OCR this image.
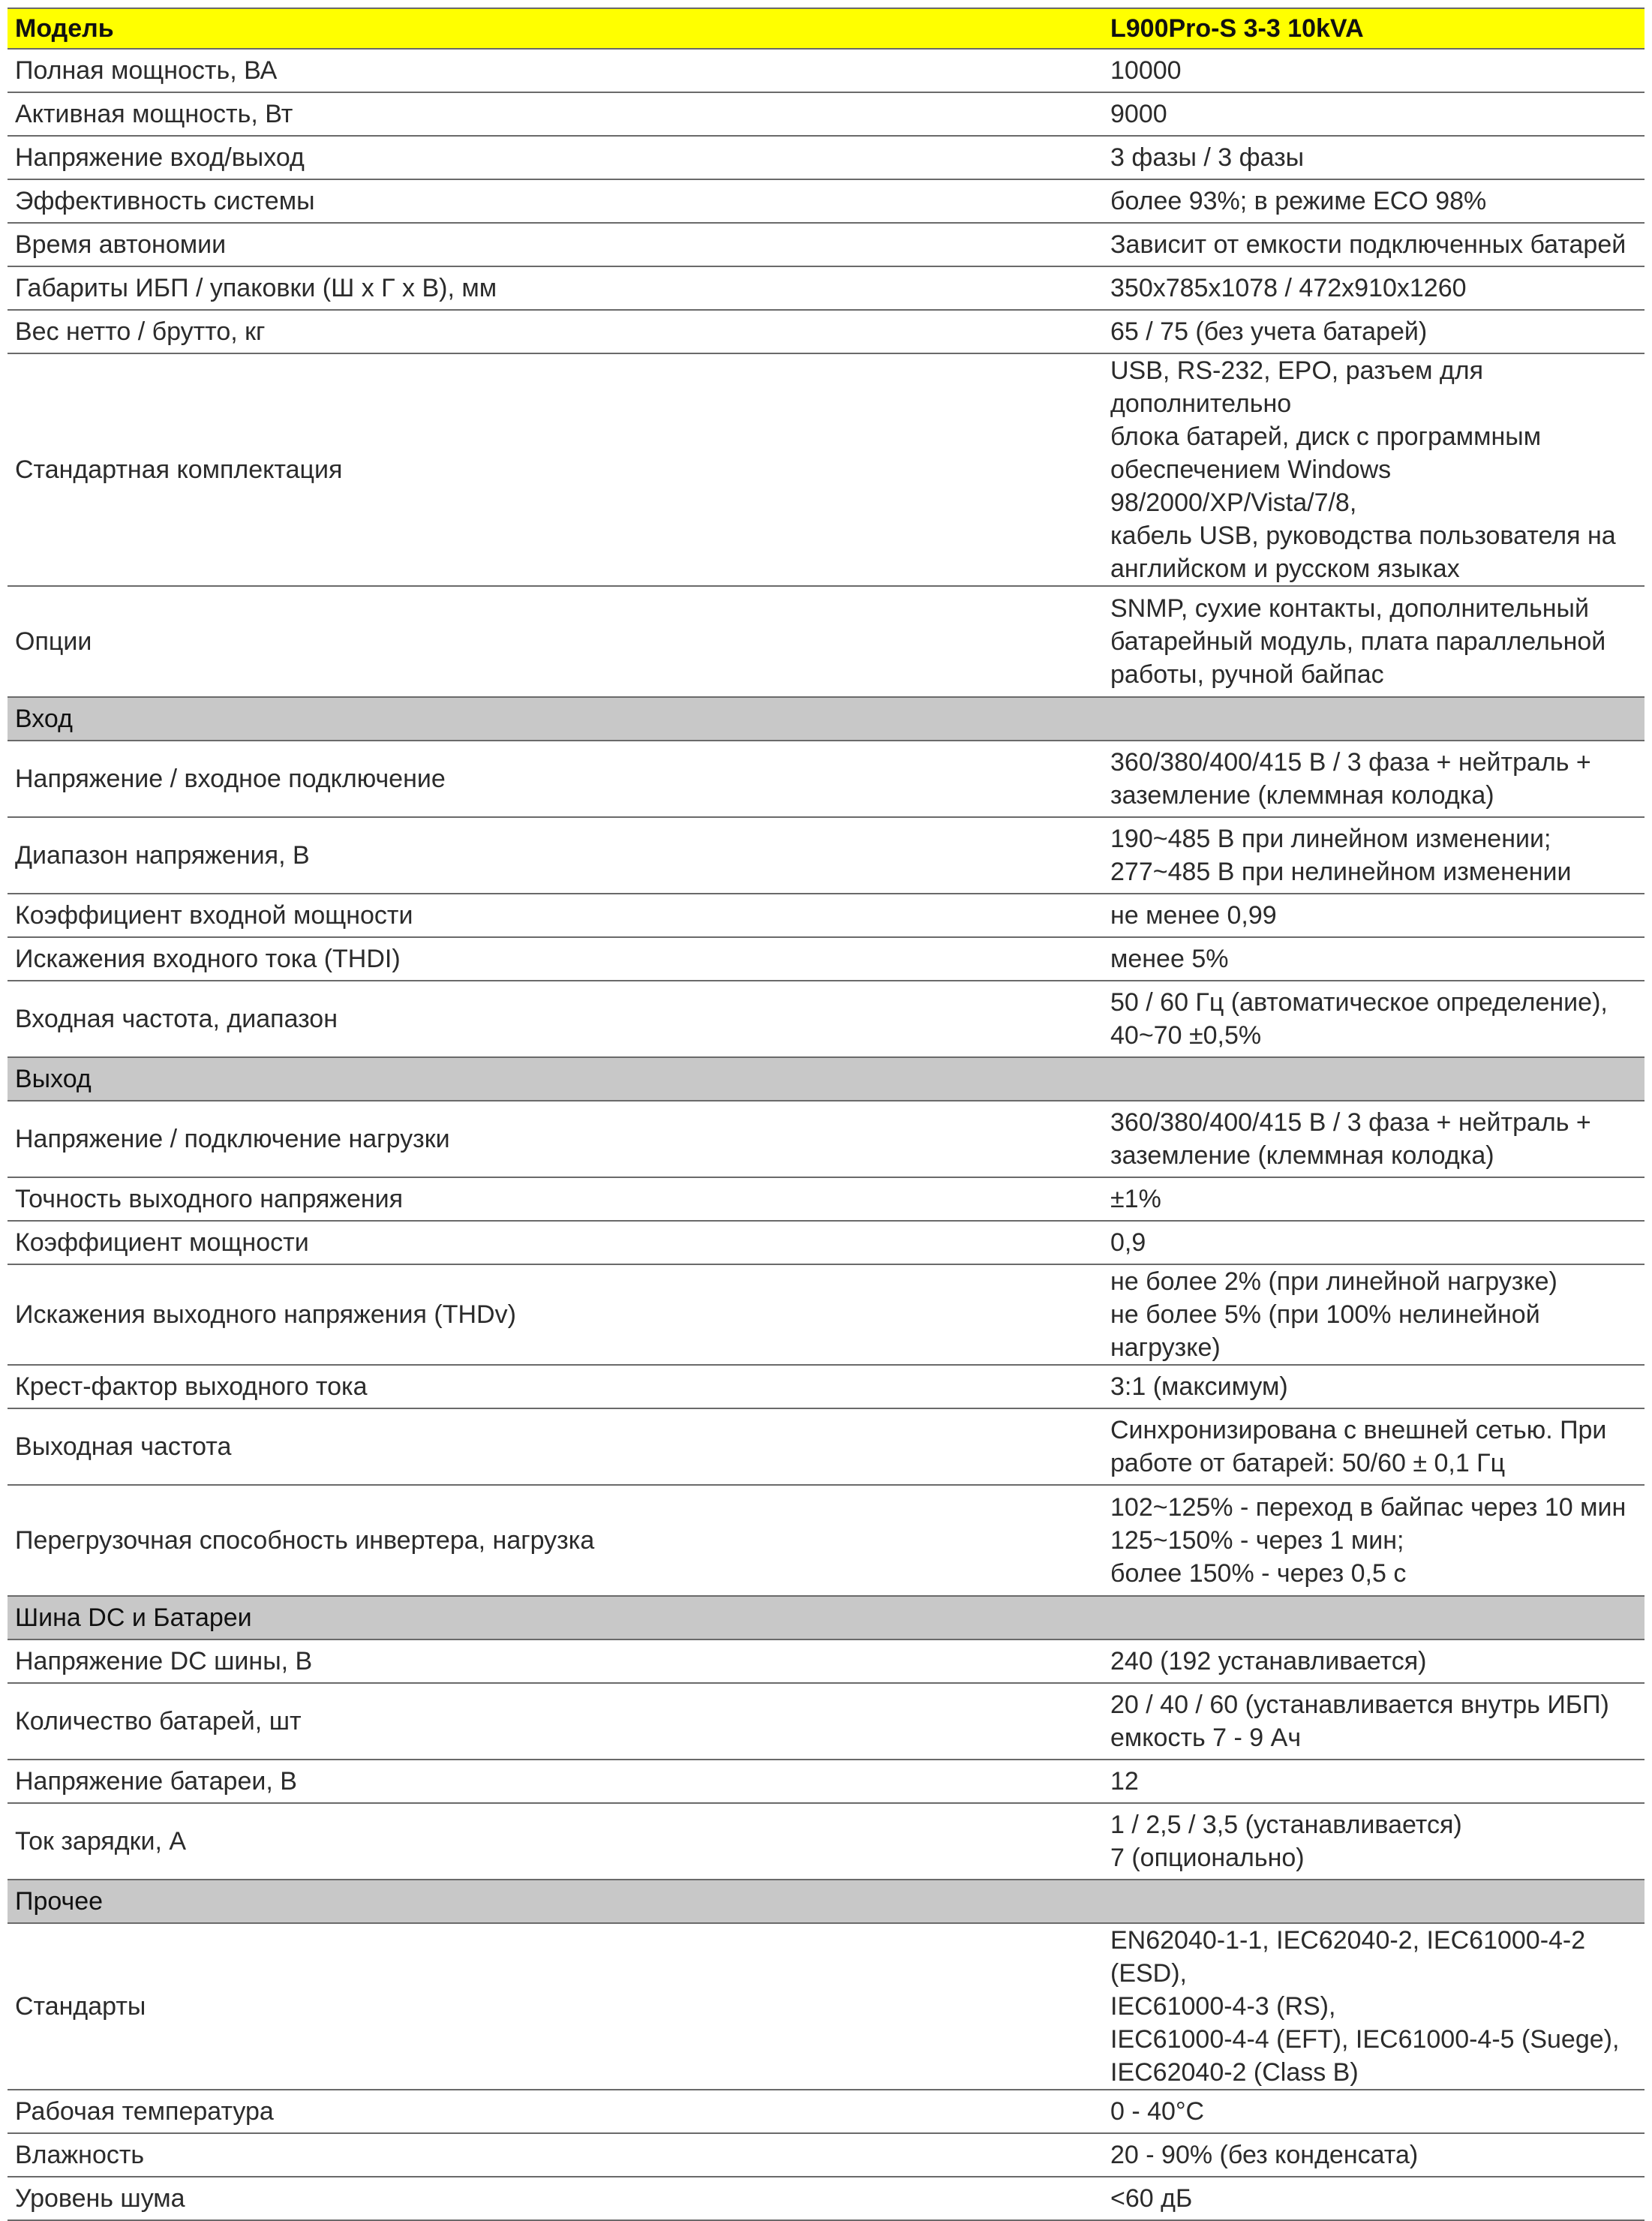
Модель	L900Pro-S 3-3 10kVA
Полная мощность, ВА	10000
Активная мощность, Вт	9000
Напряжение вход/выход	3 фазы / 3 фазы
Эффективность системы	более 93%; в режиме ECO 98%
Время автономии	Зависит от емкости подключенных батарей
Габариты ИБП / упаковки (Ш х Г х В), мм	350x785x1078 / 472x910x1260
Вес нетто / брутто, кг	65 / 75 (без учета батарей)
Стандартная комплектация	USB, RS-232, EPO, разъем для дополнительно
блока батарей, диск с программным
обеспечением Windows 98/2000/XP/Vista/7/8,
кабель USB, руководства пользователя на
английском и русском языках
Опции	SNMP, сухие контакты, дополнительный
батарейный модуль, плата параллельной
работы, ручной байпас
Вход	
Напряжение / входное подключение	360/380/400/415 В / 3 фаза + нейтраль +
заземление (клеммная колодка)
Диапазон напряжения, В	190~485 В при линейном изменении;
277~485 В при нелинейном изменении
Коэффициент входной мощности	не менее 0,99
Искажения входного тока (THDI)	менее 5%
Входная частота, диапазон	50 / 60 Гц (автоматическое определение),
40~70 ±0,5%
Выход	
Напряжение / подключение нагрузки	360/380/400/415 В / 3 фаза + нейтраль +
заземление (клеммная колодка)
Точность выходного напряжения	±1%
Коэффициент мощности	0,9
Искажения выходного напряжения (THDv)	не более 2% (при линейной нагрузке)
не более 5% (при 100% нелинейной нагрузке)
Крест-фактор выходного тока	3:1 (максимум)
Выходная частота	Синхронизирована с внешней сетью. При
работе от батарей: 50/60 ± 0,1 Гц
Перегрузочная способность инвертера, нагрузка	102~125% - переход в байпас через 10 мин
125~150% - через 1 мин;
более 150% - через 0,5 с
Шина DC и Батареи	
Напряжение DC шины, В	240 (192 устанавливается)
Количество батарей, шт	20 / 40 / 60 (устанавливается внутрь ИБП)
емкость 7 - 9 Ач
Напряжение батареи, В	12
Ток зарядки, А	1 / 2,5 / 3,5 (устанавливается)
7 (опционально)
Прочее	
Стандарты	EN62040-1-1, IEC62040-2, IEC61000-4-2 (ESD),
IEC61000-4-3 (RS),
IEC61000-4-4 (EFT), IEC61000-4-5 (Suege),
IEC62040-2 (Class B)
Рабочая температура	0 - 40°C
Влажность	20 - 90% (без конденсата)
Уровень шума	<60 дБ
